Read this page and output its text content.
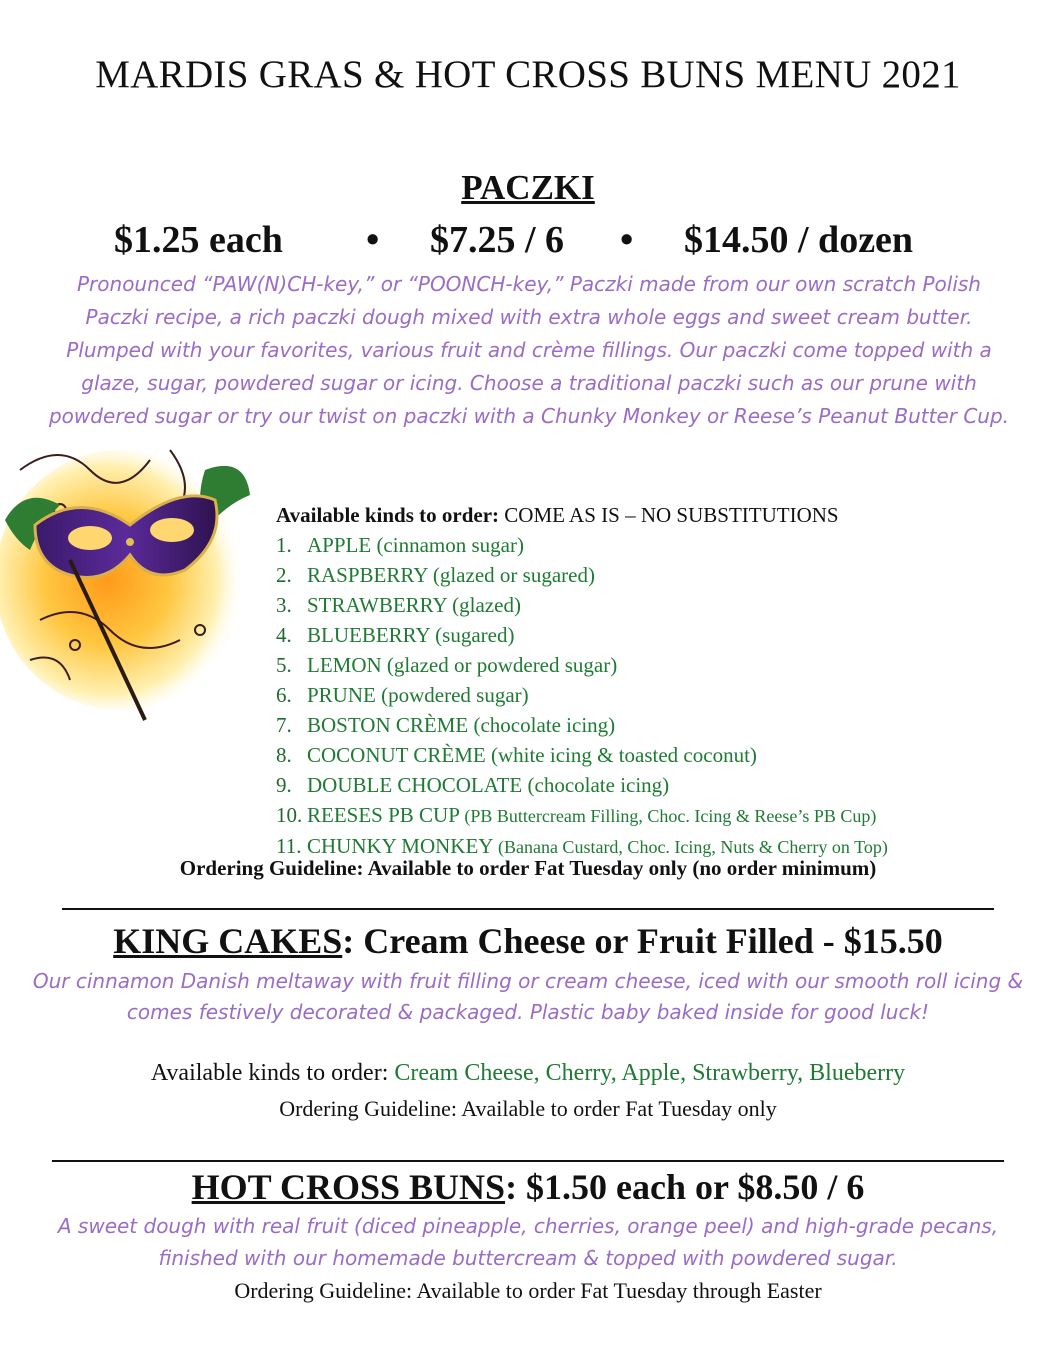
MARDIS GRAS & HOT CROSS BUNS MENU 2021
PACZKI
$1.25 each • $7.25 / 6 • $14.50 / dozen
Pronounced “PAW(N)CH-key,” or “POONCH-key,” Paczki made from our own scratch Polish Paczki recipe, a rich paczki dough mixed with extra whole eggs and sweet cream butter. Plumped with your favorites, various fruit and crème fillings. Our paczki come topped with a glaze, sugar, powdered sugar or icing. Choose a traditional paczki such as our prune with powdered sugar or try our twist on paczki with a Chunky Monkey or Reese’s Peanut Butter Cup.
Available kinds to order: COME AS IS – NO SUBSTITUTIONS
1. APPLE (cinnamon sugar)
2. RASPBERRY (glazed or sugared)
3. STRAWBERRY (glazed)
4. BLUEBERRY (sugared)
5. LEMON (glazed or powdered sugar)
6. PRUNE (powdered sugar)
7. BOSTON CRÈME (chocolate icing)
8. COCONUT CRÈME (white icing & toasted coconut)
9. DOUBLE CHOCOLATE (chocolate icing)
10. REESES PB CUP (PB Buttercream Filling, Choc. Icing & Reese’s PB Cup)
11. CHUNKY MONKEY (Banana Custard, Choc. Icing, Nuts & Cherry on Top)
Ordering Guideline: Available to order Fat Tuesday only (no order minimum)
KING CAKES: Cream Cheese or Fruit Filled - $15.50
Our cinnamon Danish meltaway with fruit filling or cream cheese, iced with our smooth roll icing & comes festively decorated & packaged. Plastic baby baked inside for good luck!
Available kinds to order: Cream Cheese, Cherry, Apple, Strawberry, Blueberry
Ordering Guideline: Available to order Fat Tuesday only
HOT CROSS BUNS: $1.50 each or $8.50 / 6
A sweet dough with real fruit (diced pineapple, cherries, orange peel) and high-grade pecans, finished with our homemade buttercream & topped with powdered sugar.
Ordering Guideline: Available to order Fat Tuesday through Easter
